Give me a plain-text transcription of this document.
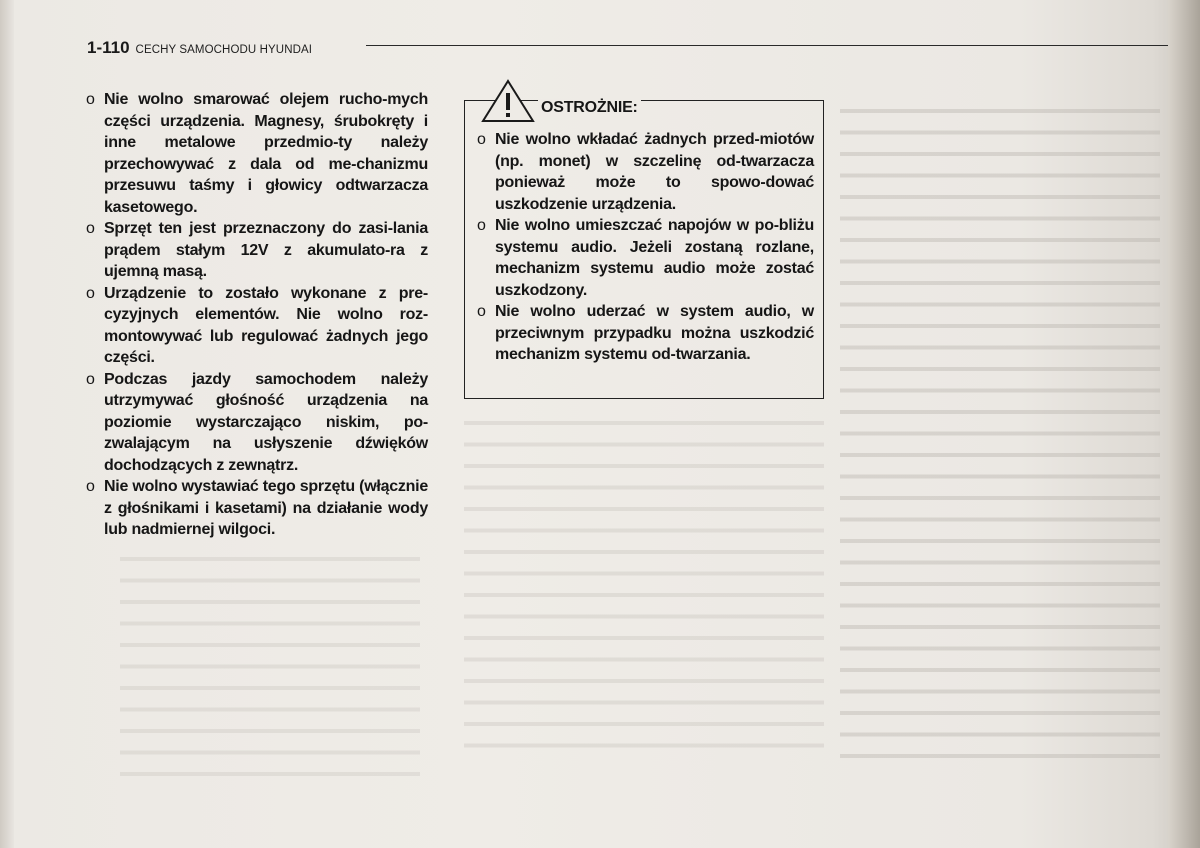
1-110 CECHY SAMOCHODU HYUNDAI
o Nie wolno smarować olejem rucho-mych części urządzenia. Magnesy, śrubokręty i inne metalowe przedmio-ty należy przechowywać z dala od me-chanizmu przesuwu taśmy i głowicy odtwarzacza kasetowego.
o Sprzęt ten jest przeznaczony do zasi-lania prądem stałym 12V z akumulato-ra z ujemną masą.
o Urządzenie to zostało wykonane z pre-cyzyjnych elementów. Nie wolno roz-montowywać lub regulować żadnych jego części.
o Podczas jazdy samochodem należy utrzymywać głośność urządzenia na poziomie wystarczająco niskim, po-zwalającym na usłyszenie dźwięków dochodzących z zewnątrz.
o Nie wolno wystawiać tego sprzętu (włącznie z głośnikami i kasetami) na działanie wody lub nadmiernej wilgoci.
OSTROŻNIE:
o Nie wolno wkładać żadnych przed-miotów (np. monet) w szczelinę od-twarzacza ponieważ może to spowo-dować uszkodzenie urządzenia.
o Nie wolno umieszczać napojów w po-bliżu systemu audio. Jeżeli zostaną rozlane, mechanizm systemu audio może zostać uszkodzony.
o Nie wolno uderzać w system audio, w przeciwnym przypadku można uszkodzić mechanizm systemu od-twarzania.
